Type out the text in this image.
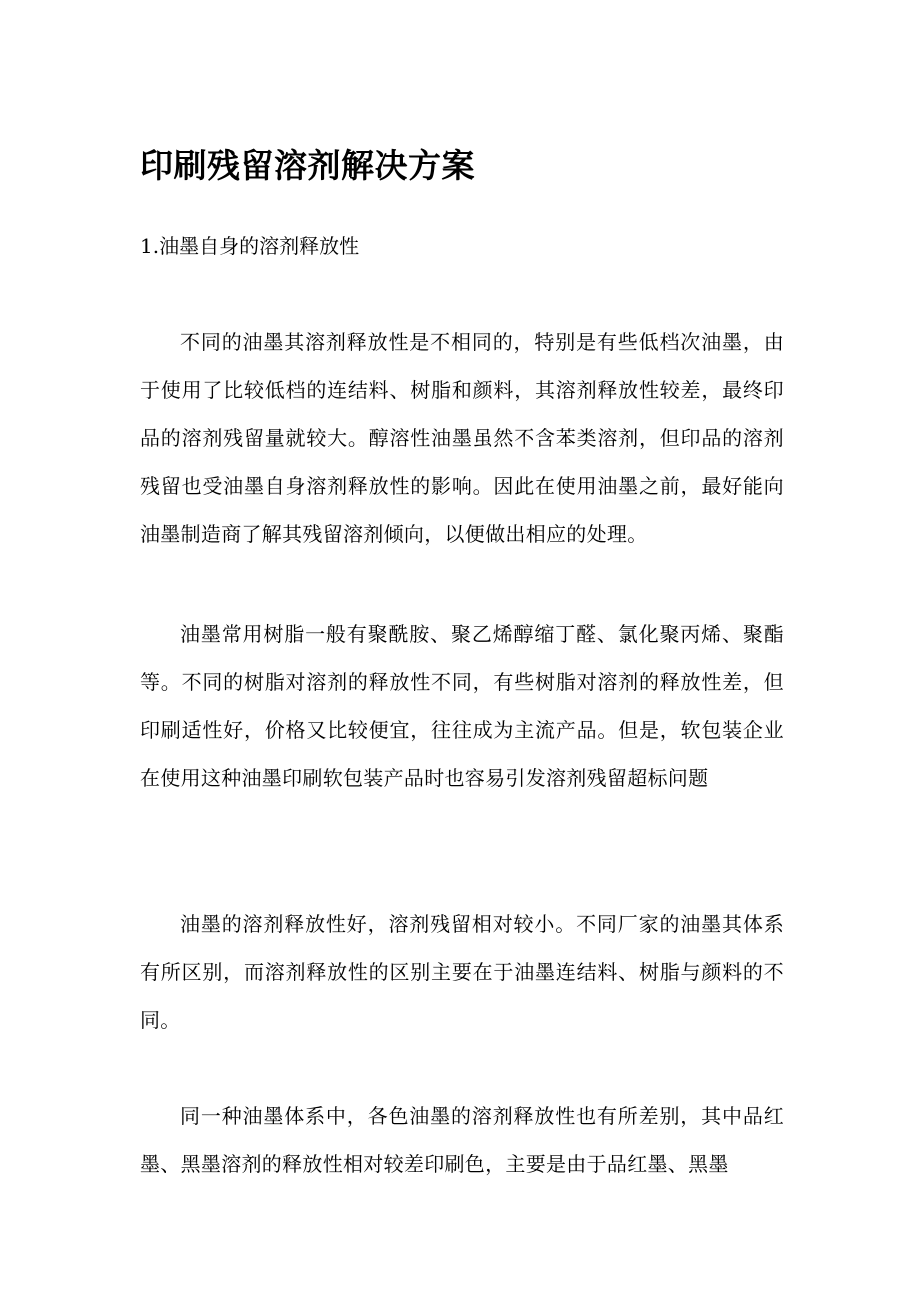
印刷残留溶剂解决方案
1.油墨自身的溶剂释放性

不同的油墨其溶剂释放性是不相同的，特别是有些低档次油墨，由于使用了比较低档的连结料、树脂和颜料，其溶剂释放性较差，最终印品的溶剂残留量就较大。醇溶性油墨虽然不含苯类溶剂，但印品的溶剂残留也受油墨自身溶剂释放性的影响。因此在使用油墨之前，最好能向油墨制造商了解其残留溶剂倾向，以便做出相应的处理。

油墨常用树脂一般有聚酰胺、聚乙烯醇缩丁醛、氯化聚丙烯、聚酯等。不同的树脂对溶剂的释放性不同，有些树脂对溶剂的释放性差，但印刷适性好，价格又比较便宜，往往成为主流产品。但是，软包装企业在使用这种油墨印刷软包装产品时也容易引发溶剂残留超标问题

油墨的溶剂释放性好，溶剂残留相对较小。不同厂家的油墨其体系有所区别，而溶剂释放性的区别主要在于油墨连结料、树脂与颜料的不同。

同一种油墨体系中，各色油墨的溶剂释放性也有所差别，其中品红墨、黑墨溶剂的释放性相对较差印刷色，主要是由于品红墨、黑墨
